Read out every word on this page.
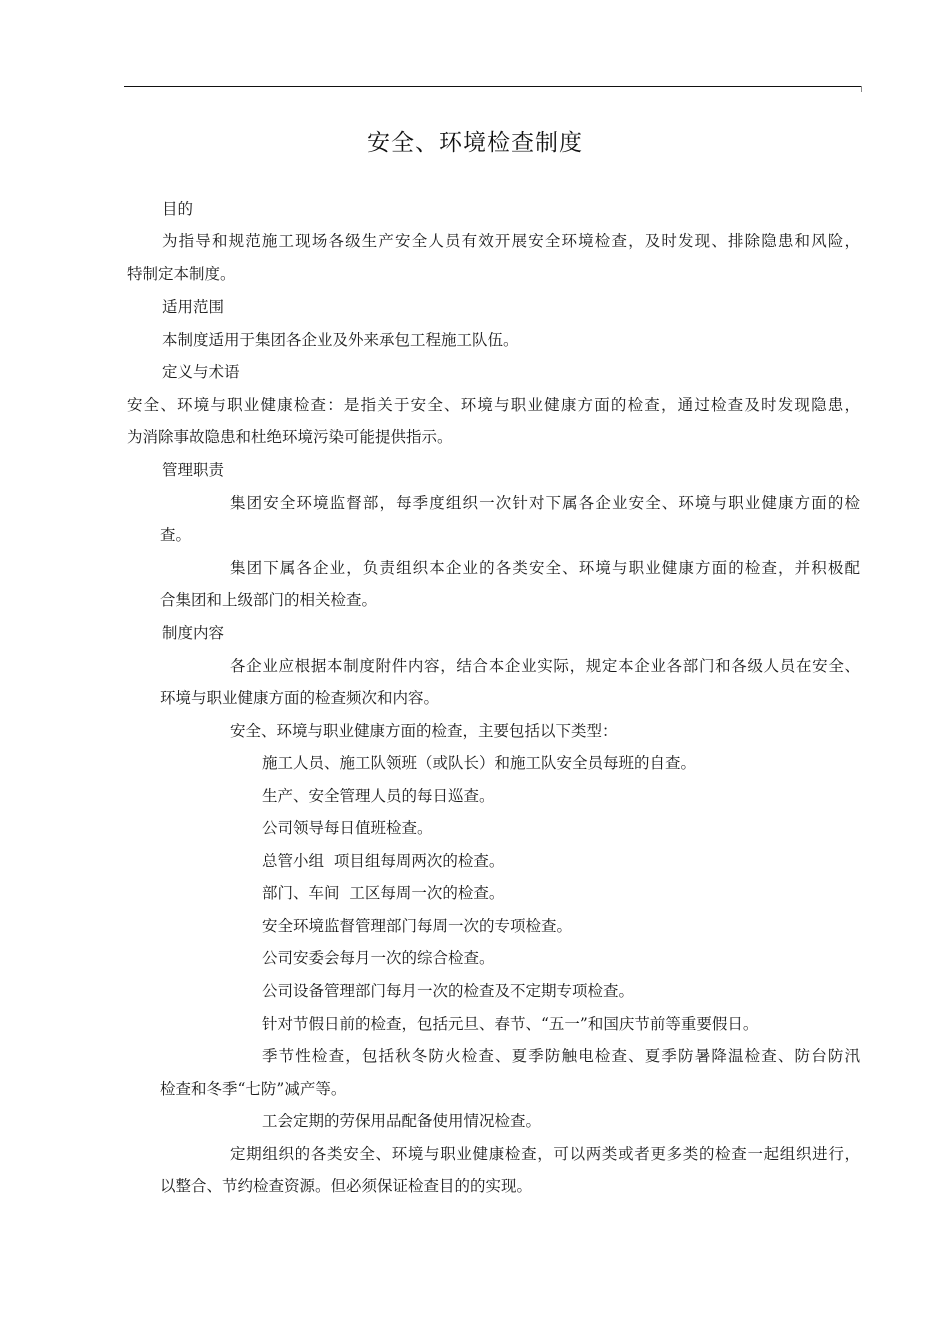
安全、环境检查制度
目的
为指导和规范施工现场各级生产安全人员有效开展安全环境检查，及时发现、排除隐患和风险，
特制定本制度。
适用范围
本制度适用于集团各企业及外来承包工程施工队伍。
定义与术语
安全、环境与职业健康检查：是指关于安全、环境与职业健康方面的检查，通过检查及时发现隐患，
为消除事故隐患和杜绝环境污染可能提供指示。
管理职责
集团安全环境监督部，每季度组织一次针对下属各企业安全、环境与职业健康方面的检
查。
集团下属各企业，负责组织本企业的各类安全、环境与职业健康方面的检查，并积极配
合集团和上级部门的相关检查。
制度内容
各企业应根据本制度附件内容，结合本企业实际，规定本企业各部门和各级人员在安全、
环境与职业健康方面的检查频次和内容。
安全、环境与职业健康方面的检查，主要包括以下类型：
施工人员、施工队领班（或队长）和施工队安全员每班的自查。
生产、安全管理人员的每日巡查。
公司领导每日值班检查。
总管小组  项目组每周两次的检查。
部门、车间  工区每周一次的检查。
安全环境监督管理部门每周一次的专项检查。
公司安委会每月一次的综合检查。
公司设备管理部门每月一次的检查及不定期专项检查。
针对节假日前的检查，包括元旦、春节、“五一”和国庆节前等重要假日。
季节性检查，包括秋冬防火检查、夏季防触电检查、夏季防暑降温检查、防台防汛
检查和冬季“七防”减产等。
工会定期的劳保用品配备使用情况检查。
定期组织的各类安全、环境与职业健康检查，可以两类或者更多类的检查一起组织进行，
以整合、节约检查资源。但必须保证检查目的的实现。
